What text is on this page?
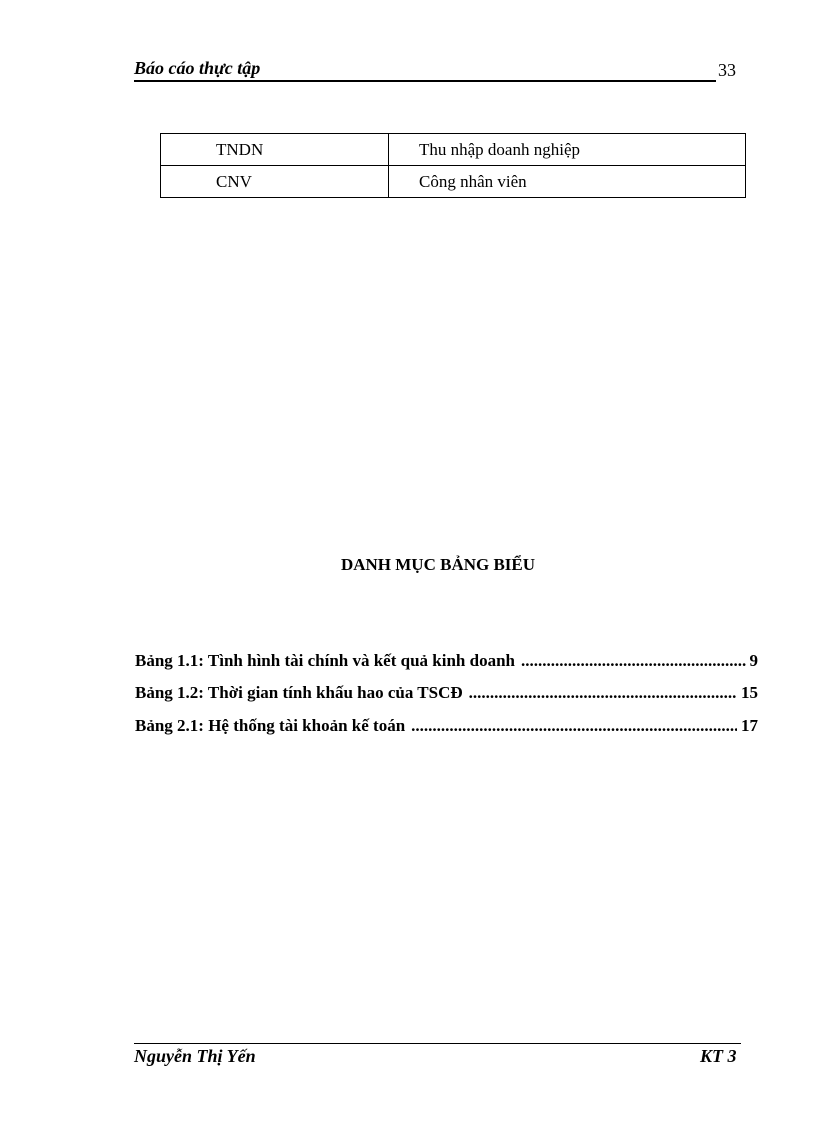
Báo cáo thực tập	33
TNDN	Thu nhập doanh nghiệp
CNV	Công nhân viên
DANH MỤC BẢNG BIỂU
Bảng 1.1: Tình hình tài chính và kết quả kinh doanh .....	9
Bảng 1.2: Thời gian tính khấu hao của TSCĐ .....	15
Bảng 2.1: Hệ thống tài khoản kế toán .....	17
Nguyễn Thị Yến	KT 3
